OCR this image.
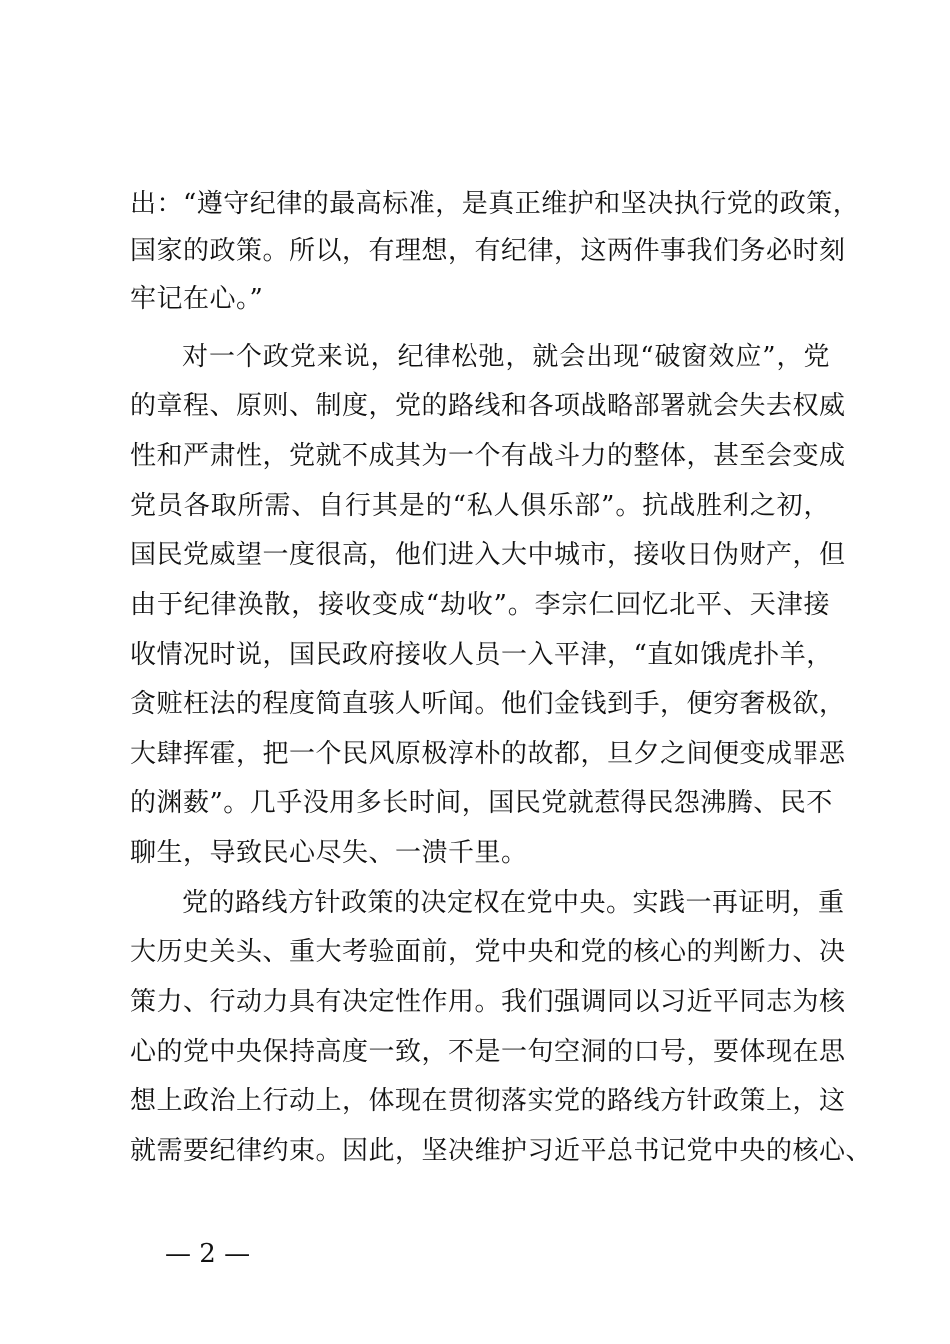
出：“遵守纪律的最高标准，是真正维护和坚决执行党的政策，
国家的政策。所以，有理想，有纪律，这两件事我们务必时刻
牢记在心。”
对一个政党来说，纪律松弛，就会出现“破窗效应”，党
的章程、原则、制度，党的路线和各项战略部署就会失去权威
性和严肃性，党就不成其为一个有战斗力的整体，甚至会变成
党员各取所需、自行其是的“私人俱乐部”。抗战胜利之初，
国民党威望一度很高，他们进入大中城市，接收日伪财产，但
由于纪律涣散，接收变成“劫收”。李宗仁回忆北平、天津接
收情况时说，国民政府接收人员一入平津，“直如饿虎扑羊，
贪赃枉法的程度简直骇人听闻。他们金钱到手，便穷奢极欲，
大肆挥霍，把一个民风原极淳朴的故都，旦夕之间便变成罪恶
的渊薮”。几乎没用多长时间，国民党就惹得民怨沸腾、民不
聊生，导致民心尽失、一溃千里。
党的路线方针政策的决定权在党中央。实践一再证明，重
大历史关头、重大考验面前，党中央和党的核心的判断力、决
策力、行动力具有决定性作用。我们强调同以习近平同志为核
心的党中央保持高度一致，不是一句空洞的口号，要体现在思
想上政治上行动上，体现在贯彻落实党的路线方针政策上，这
就需要纪律约束。因此，坚决维护习近平总书记党中央的核心、
— 2 —
